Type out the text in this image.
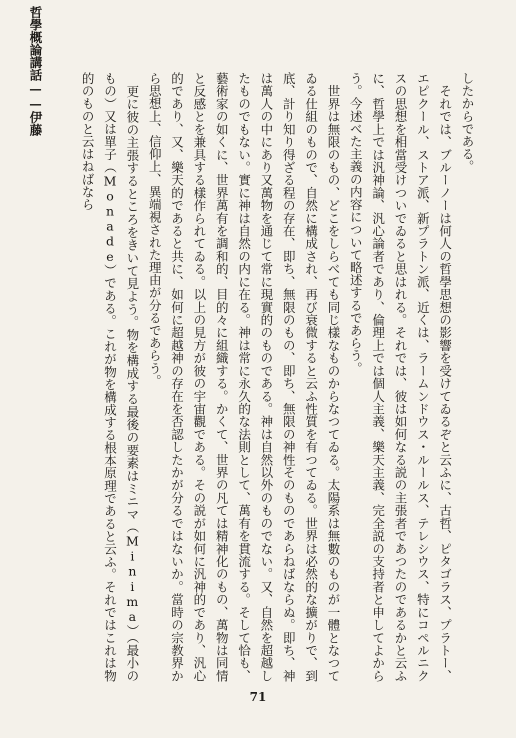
哲學概論講話——伊藤	したからである。

　それでは、ブルーノーは何人の哲學思想の影響を受けてゐるぞと云ふに、古哲、ピタゴラス、プラトー、エピクール、ストア派、新プラトン派、近くは、ラームンドウス・ルールス、テレシウス、特にコペルニクスの思想を相當受けついでゐると思はれる。それでは、彼は如何なる説の主張者であつたのであるかと云ふに、哲學上では汎神論、汎心論者であり、倫理上では個人主義、樂天主義、完全説の支持者と申してよからう。今述べた主義の内容について略述するであらう。

　世界は無限のもの、どこをしらべても同じ樣なものからなつてゐる。太陽系は無數のものが一體となつてゐる仕組のもので、自然に構成され、再び衰微すると云ふ性質を有つてゐる。世界は必然的な擴がりで、到底、計り知り得ざる程の存在、即ち、無限のもの、即ち、無限の神性そのものであらねばならぬ。即ち、神は萬人の中にあり又萬物を通じて常に現實的のものである。神は自然以外のものでない。又、自然を超越したものでもない。實に神は自然の内に在る。神は常に永久的な法則として、萬有を貫流する。そして恰も、藝術家の如くに、世界萬有を調和的、目的々に組織する。かくて、世界の凡ては精神化のもの、萬物は同情と反感とを兼具する樣作られてゐる。以上の見方が彼の宇宙觀である。その説が如何に汎神的であり、汎心的であり、又、樂天的であると共に、如何に超越神の存在を否認したかが分るではないか。當時の宗教界から思想上、信仰上、異端視された理由が分るであらう。

　更に彼の主張するところをきいて見よう。物を構成する最後の要素はミニマ（Minima）（最小のもの）又は單子（Monade）である。これが物を構成する根本原理であると云ふ。それではこれは物的のものと云はねばなら

71
